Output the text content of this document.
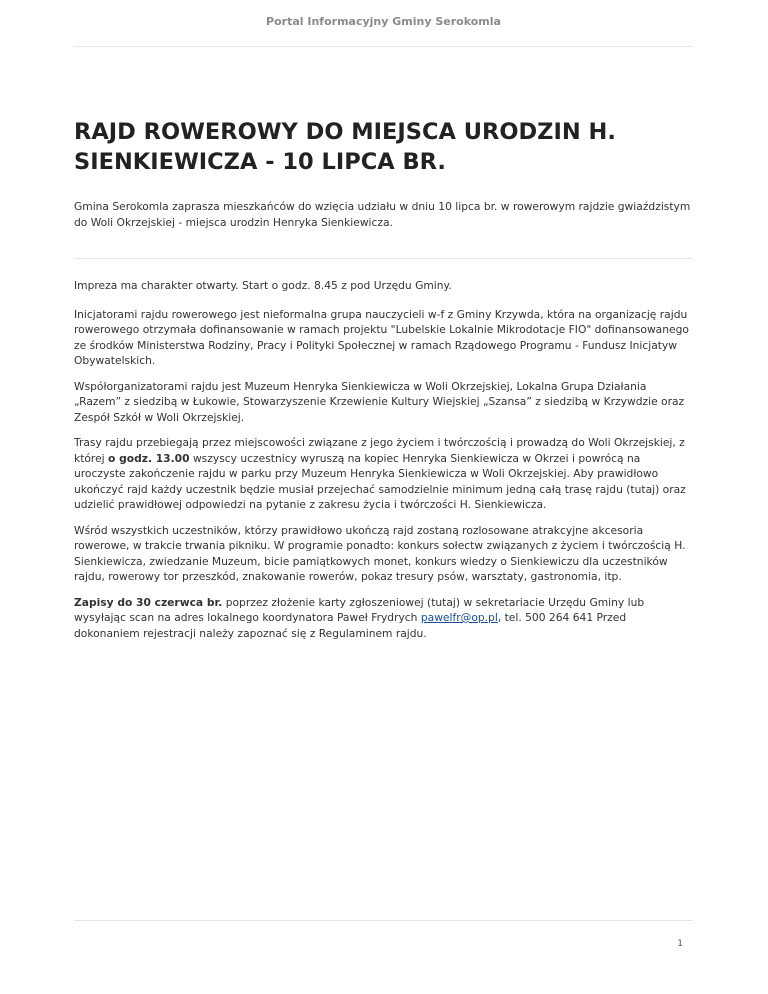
Portal Informacyjny Gminy Serokomla
RAJD ROWEROWY DO MIEJSCA URODZIN H. SIENKIEWICZA - 10 LIPCA BR.

Gmina Serokomla zaprasza mieszkańców do wzięcia udziału w dniu 10 lipca br. w rowerowym rajdzie gwiaździstym do Woli Okrzejskiej - miejsca urodzin Henryka Sienkiewicza.

Impreza ma charakter otwarty. Start o godz. 8.45 z pod Urzędu Gminy.

Inicjatorami rajdu rowerowego jest nieformalna grupa nauczycieli w-f z Gminy Krzywda, która na organizację rajdu rowerowego otrzymała dofinansowanie w ramach projektu "Lubelskie Lokalnie Mikrodotacje FIO" dofinansowanego ze środków Ministerstwa Rodziny, Pracy i Polityki Społecznej w ramach Rządowego Programu - Fundusz Inicjatyw Obywatelskich.

Współorganizatorami rajdu jest Muzeum Henryka Sienkiewicza w Woli Okrzejskiej, Lokalna Grupa Działania „Razem” z siedzibą w Łukowie, Stowarzyszenie Krzewienie Kultury Wiejskiej „Szansa” z siedzibą w Krzywdzie oraz Zespół Szkół w Woli Okrzejskiej.

Trasy rajdu przebiegają przez miejscowości związane z jego życiem i twórczością i prowadzą do Woli Okrzejskiej, z której o godz. 13.00 wszyscy uczestnicy wyruszą na kopiec Henryka Sienkiewicza w Okrzei i powrócą na uroczyste zakończenie rajdu w parku przy Muzeum Henryka Sienkiewicza w Woli Okrzejskiej. Aby prawidłowo ukończyć rajd każdy uczestnik będzie musiał przejechać samodzielnie minimum jedną całą trasę rajdu (tutaj) oraz udzielić prawidłowej odpowiedzi na pytanie z zakresu życia i twórczości H. Sienkiewicza.

Wśród wszystkich uczestników, którzy prawidłowo ukończą rajd zostaną rozlosowane atrakcyjne akcesoria rowerowe, w trakcie trwania pikniku. W programie ponadto: konkurs sołectw związanych z życiem i twórczością H. Sienkiewicza, zwiedzanie Muzeum, bicie pamiątkowych monet, konkurs wiedzy o Sienkiewiczu dla uczestników rajdu, rowerowy tor przeszkód, znakowanie rowerów, pokaz tresury psów, warsztaty, gastronomia, itp.

Zapisy do 30 czerwca br. poprzez złożenie karty zgłoszeniowej (tutaj) w sekretariacie Urzędu Gminy lub wysyłając scan na adres lokalnego koordynatora Paweł Frydrych pawelfr@op.pl, tel. 500 264 641 Przed dokonaniem rejestracji należy zapoznać się z Regulaminem rajdu.

1
